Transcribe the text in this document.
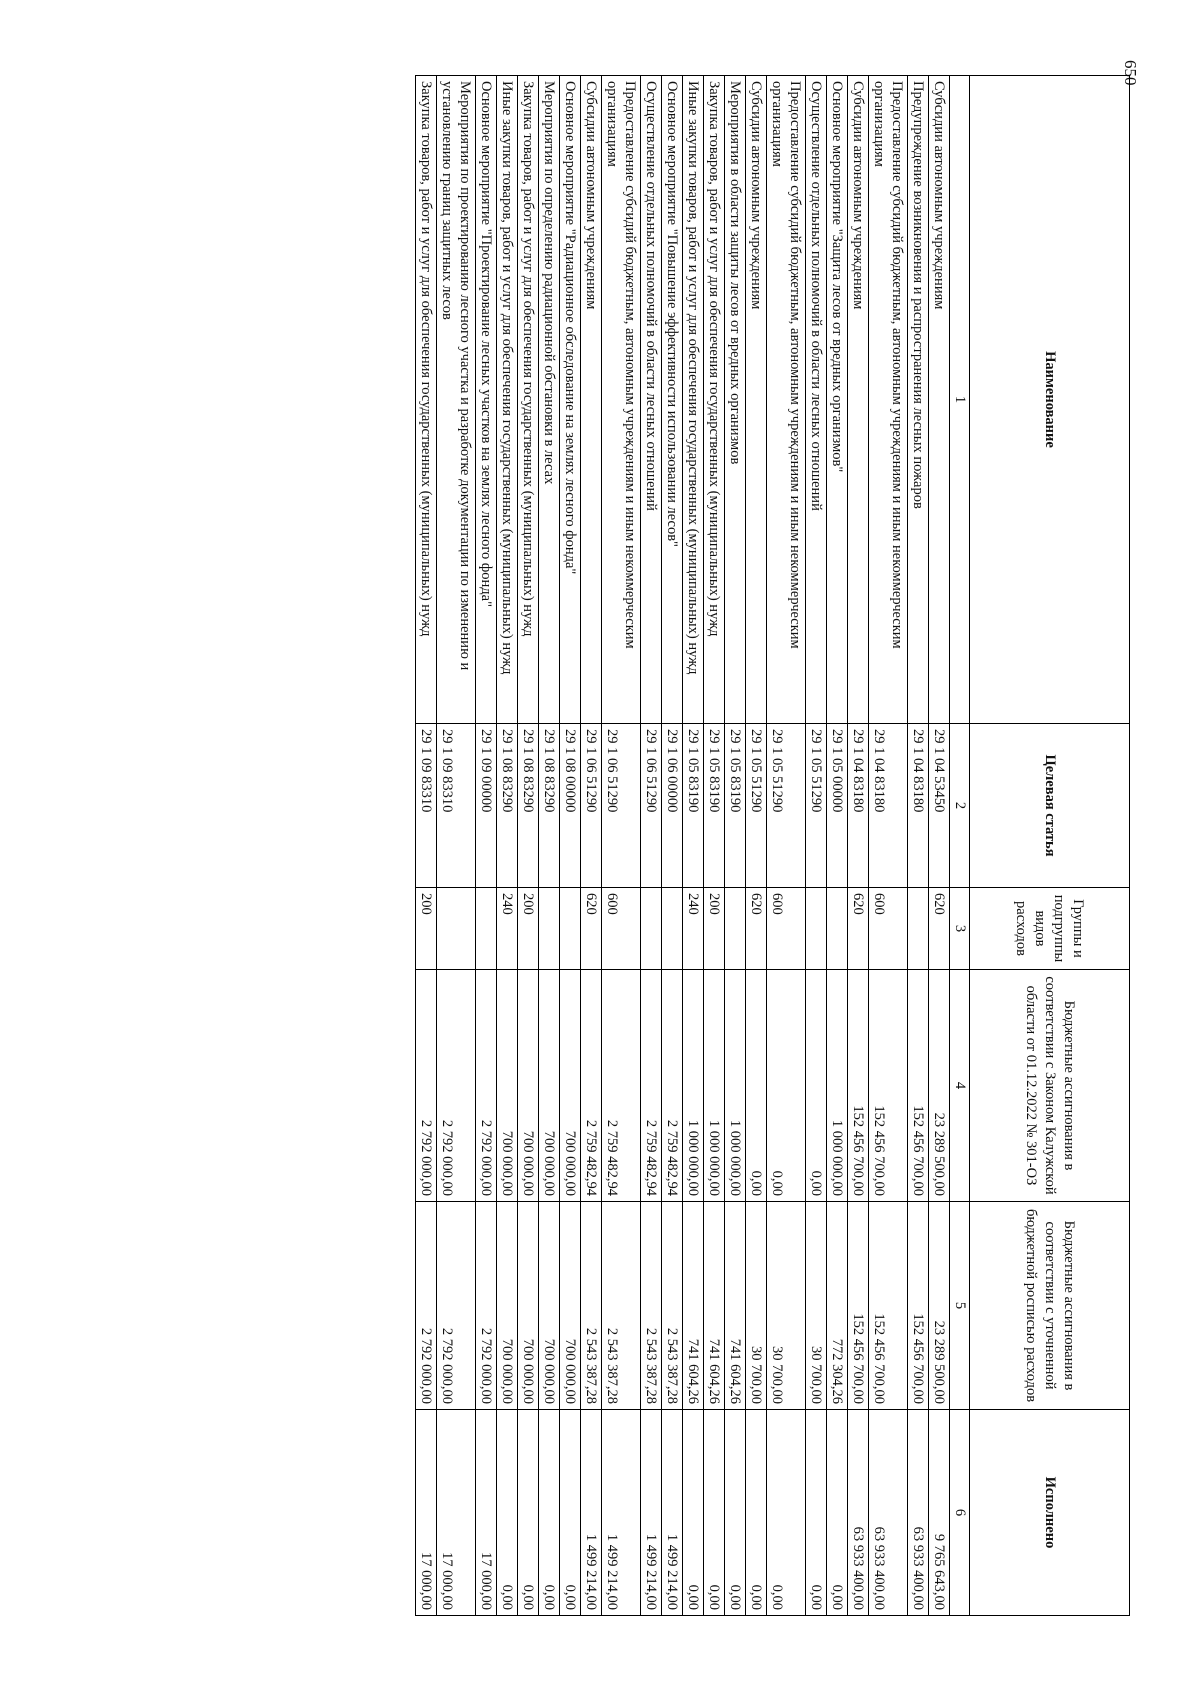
650
Наименование	Целевая статья	Группы и подгруппы видов расходов	Бюджетные ассигнования в соответствии с Законом Калужской области от 01.12.2022 № 301-ОЗ	Бюджетные ассигнования в соответствии с уточненной бюджетной росписью расходов	Исполнено
1	2	3	4	5	6
Субсидии автономным учреждениям	29 1 04 53450	620	23 289 500,00	23 289 500,00	9 765 643,00
Предупреждение возникновения и распространения лесных пожаров	29 1 04 83180		152 456 700,00	152 456 700,00	63 933 400,00
Предоставление субсидий бюджетным, автономным учреждениям и иным некоммерческим организациям	29 1 04 83180	600	152 456 700,00	152 456 700,00	63 933 400,00
Субсидии автономным учреждениям	29 1 04 83180	620	152 456 700,00	152 456 700,00	63 933 400,00
Основное мероприятие "Защита лесов от вредных организмов"	29 1 05 00000		1 000 000,00	772 304,26	0,00
Осуществление отдельных полномочий в области лесных отношений	29 1 05 51290		0,00	30 700,00	0,00
Предоставление субсидий бюджетным, автономным учреждениям и иным некоммерческим организациям	29 1 05 51290	600	0,00	30 700,00	0,00
Субсидии автономным учреждениям	29 1 05 51290	620	0,00	30 700,00	0,00
Мероприятия в области защиты лесов от вредных организмов	29 1 05 83190		1 000 000,00	741 604,26	0,00
Закупка товаров, работ и услуг для обеспечения государственных (муниципальных) нужд	29 1 05 83190	200	1 000 000,00	741 604,26	0,00
Иные закупки товаров, работ и услуг для обеспечения государственных (муниципальных) нужд	29 1 05 83190	240	1 000 000,00	741 604,26	0,00
Основное мероприятие "Повышение эффективности использовании лесов"	29 1 06 00000		2 759 482,94	2 543 387,28	1 499 214,00
Осуществление отдельных полномочий в области лесных отношений	29 1 06 51290		2 759 482,94	2 543 387,28	1 499 214,00
Предоставление субсидий бюджетным, автономным учреждениям и иным некоммерческим организациям	29 1 06 51290	600	2 759 482,94	2 543 387,28	1 499 214,00
Субсидии автономным учреждениям	29 1 06 51290	620	2 759 482,94	2 543 387,28	1 499 214,00
Основное мероприятие "Радиационное обследование на землях лесного фонда"	29 1 08 00000		700 000,00	700 000,00	0,00
Мероприятия по определению радиационной обстановки в лесах	29 1 08 83290		700 000,00	700 000,00	0,00
Закупка товаров, работ и услуг для обеспечения государственных (муниципальных) нужд	29 1 08 83290	200	700 000,00	700 000,00	0,00
Иные закупки товаров, работ и услуг для обеспечения государственных (муниципальных) нужд	29 1 08 83290	240	700 000,00	700 000,00	0,00
Основное мероприятие "Проектирование лесных участков на землях лесного фонда"	29 1 09 00000		2 792 000,00	2 792 000,00	17 000,00
Мероприятия по проектированию лесного участка и разработке документации по изменению и установлению границ защитных лесов	29 1 09 83310		2 792 000,00	2 792 000,00	17 000,00
Закупка товаров, работ и услуг для обеспечения государственных (муниципальных) нужд	29 1 09 83310	200	2 792 000,00	2 792 000,00	17 000,00
